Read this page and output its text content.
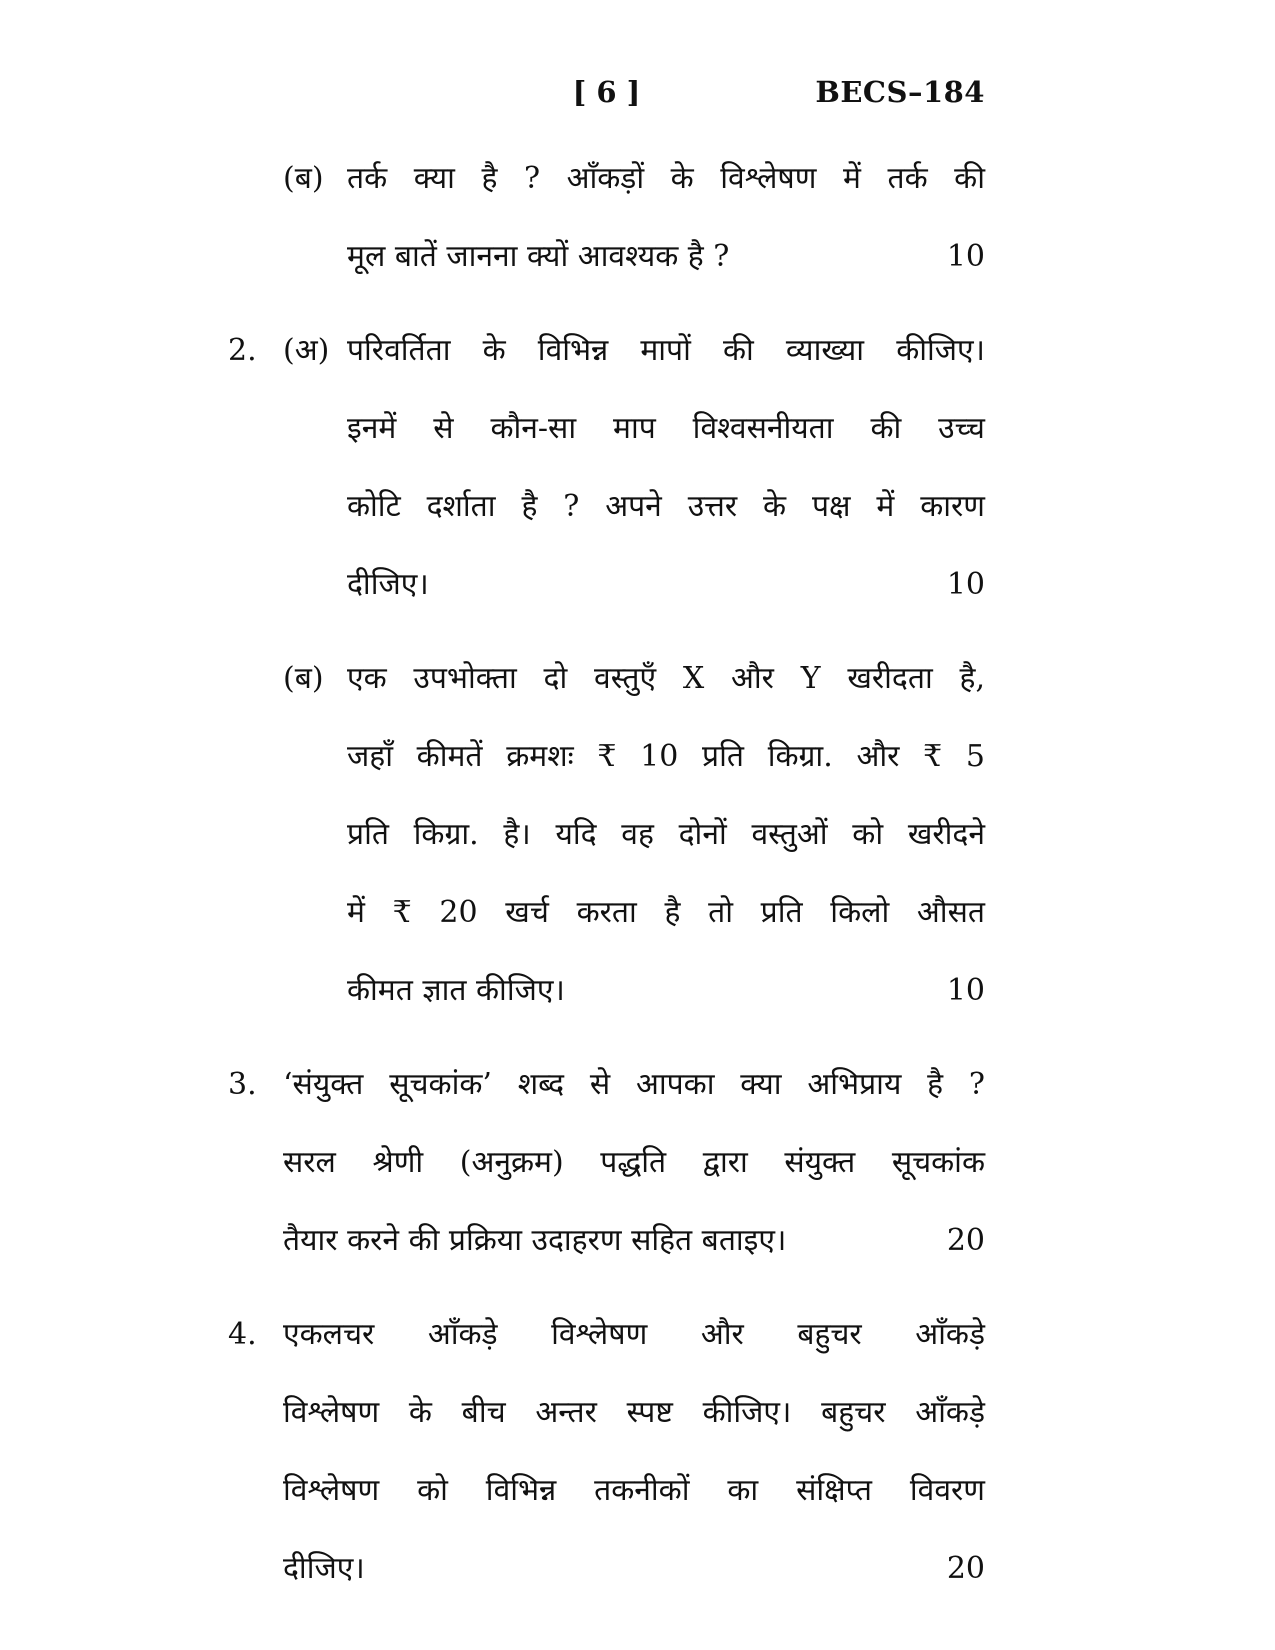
[ 6 ]	BECS–184
(ब) तर्क क्या है ? आँकड़ों के विश्लेषण में तर्क की
मूल बातें जानना क्यों आवश्यक है ?	10
2. (अ) परिवर्तिता के विभिन्न मापों की व्याख्या कीजिए।
इनमें से कौन-सा माप विश्वसनीयता की उच्च
कोटि दर्शाता है ? अपने उत्तर के पक्ष में कारण
दीजिए।	10
(ब) एक उपभोक्ता दो वस्तुएँ X और Y खरीदता है,
जहाँ कीमतें क्रमशः ₹ 10 प्रति किग्रा. और ₹ 5
प्रति किग्रा. है। यदि वह दोनों वस्तुओं को खरीदने
में ₹ 20 खर्च करता है तो प्रति किलो औसत
कीमत ज्ञात कीजिए।	10
3. ‘संयुक्त सूचकांक’ शब्द से आपका क्या अभिप्राय है ?
सरल श्रेणी (अनुक्रम) पद्धति द्वारा संयुक्त सूचकांक
तैयार करने की प्रक्रिया उदाहरण सहित बताइए।	20
4. एकलचर आँकड़े विश्लेषण और बहुचर आँकड़े
विश्लेषण के बीच अन्तर स्पष्ट कीजिए। बहुचर आँकड़े
विश्लेषण को विभिन्न तकनीकों का संक्षिप्त विवरण
दीजिए।	20
